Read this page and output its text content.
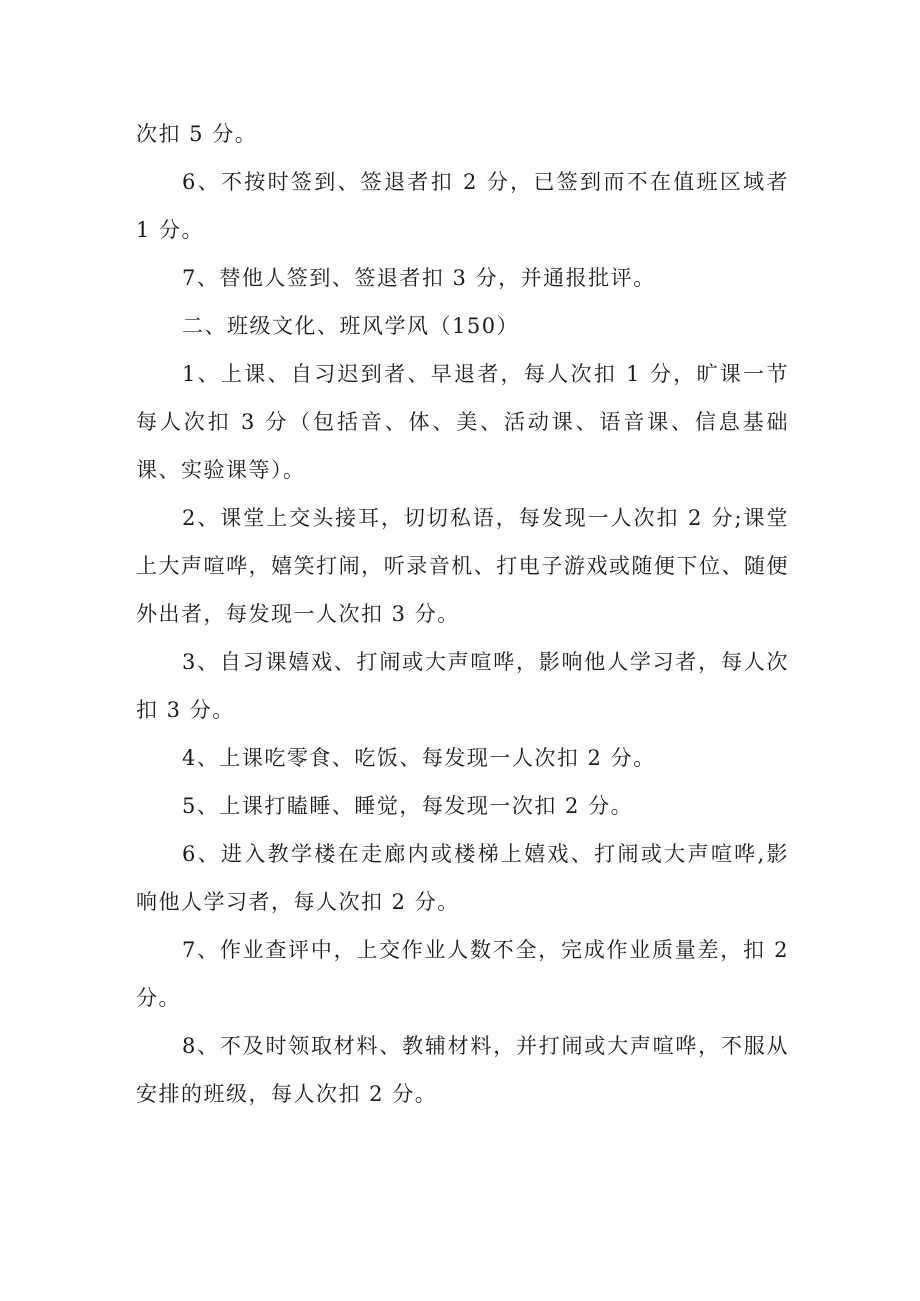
次扣 5 分。

6、不按时签到、签退者扣 2 分，已签到而不在值班区域者 1 分。

7、替他人签到、签退者扣 3 分，并通报批评。

二、班级文化、班风学风（150）

1、上课、自习迟到者、早退者，每人次扣 1 分，旷课一节每人次扣 3 分（包括音、体、美、活动课、语音课、信息基础课、实验课等）。

2、课堂上交头接耳，切切私语，每发现一人次扣 2 分;课堂上大声喧哗，嬉笑打闹，听录音机、打电子游戏或随便下位、随便外出者，每发现一人次扣 3 分。

3、自习课嬉戏、打闹或大声喧哗，影响他人学习者，每人次扣 3 分。

4、上课吃零食、吃饭、每发现一人次扣 2 分。

5、上课打瞌睡、睡觉，每发现一次扣 2 分。

6、进入教学楼在走廊内或楼梯上嬉戏、打闹或大声喧哗,影响他人学习者，每人次扣 2 分。

7、作业查评中，上交作业人数不全，完成作业质量差，扣 2 分。

8、不及时领取材料、教辅材料，并打闹或大声喧哗，不服从安排的班级，每人次扣 2 分。
